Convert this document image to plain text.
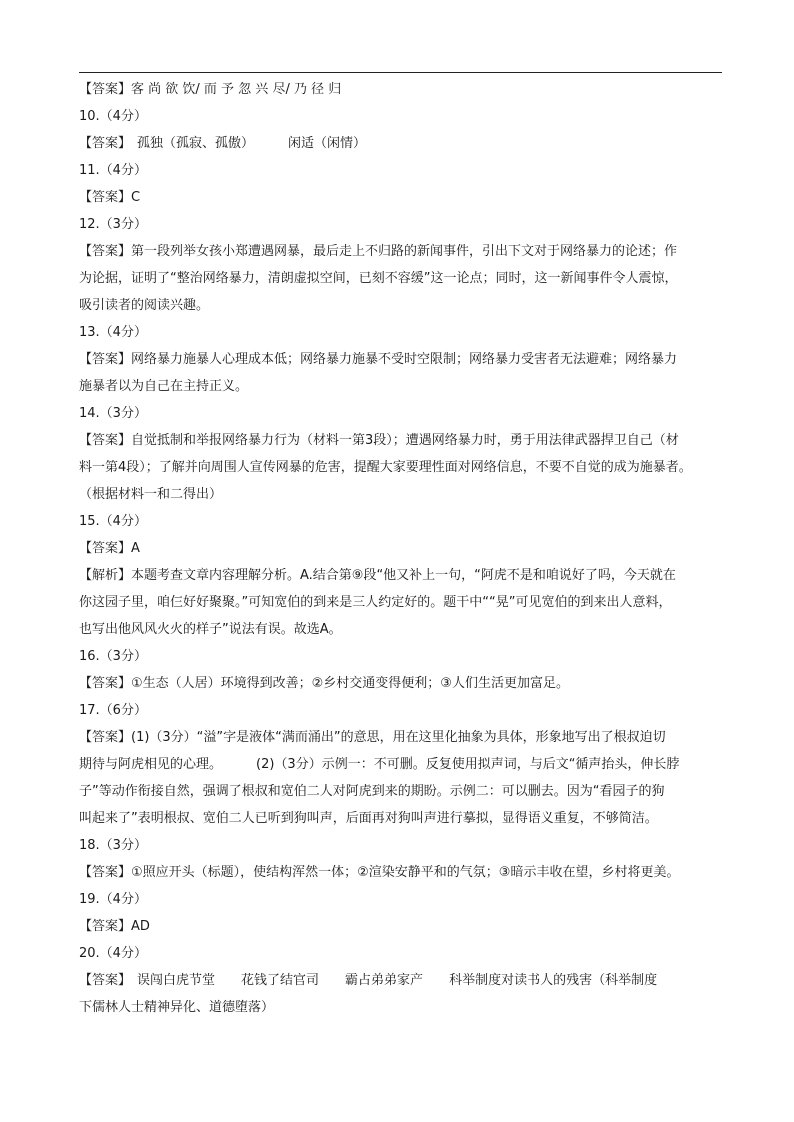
【答案】客 尚 欲 饮/ 而 予 忽 兴 尽/ 乃 径 归
10.（4分）
【答案】 孤独（孤寂、孤傲）	闲适（闲情）
11.（4分）
【答案】C
12.（3分）
【答案】第一段列举女孩小郑遭遇网暴，最后走上不归路的新闻事件，引出下文对于网络暴力的论述；作
为论据，证明了“整治网络暴力，清朗虚拟空间，已刻不容缓”这一论点；同时，这一新闻事件令人震惊，
吸引读者的阅读兴趣。
13.（4分）
【答案】网络暴力施暴人心理成本低；网络暴力施暴不受时空限制；网络暴力受害者无法避难；网络暴力
施暴者以为自己在主持正义。
14.（3分）
【答案】自觉抵制和举报网络暴力行为（材料一第3段）；遭遇网络暴力时，勇于用法律武器捍卫自己（材
料一第4段）；了解并向周围人宣传网暴的危害，提醒大家要理性面对网络信息，不要不自觉的成为施暴者。
（根据材料一和二得出）
15.（4分）
【答案】A
【解析】本题考查文章内容理解分析。A.结合第⑨段“他又补上一句，“阿虎不是和咱说好了吗，今天就在
你这园子里，咱仨好好聚聚。”可知宽伯的到来是三人约定好的。题干中““晃”可见宽伯的到来出人意料，
也写出他风风火火的样子”说法有误。故选A。
16.（3分）
【答案】①生态（人居）环境得到改善；②乡村交通变得便利；③人们生活更加富足。
17.（6分）
【答案】(1)（3分）“溢”字是液体“满而涌出”的意思，用在这里化抽象为具体，形象地写出了根叔迫切
期待与阿虎相见的心理。	(2)（3分）示例一：不可删。反复使用拟声词，与后文“循声抬头，伸长脖
子”等动作衔接自然，强调了根叔和宽伯二人对阿虎到来的期盼。示例二：可以删去。因为“看园子的狗
叫起来了”表明根叔、宽伯二人已听到狗叫声，后面再对狗叫声进行摹拟，显得语义重复，不够简洁。
18.（3分）
【答案】①照应开头（标题），使结构浑然一体；②渲染安静平和的气氛；③暗示丰收在望，乡村将更美。
19.（4分）
【答案】AD
20.（4分）
【答案】 误闯白虎节堂 花钱了结官司 霸占弟弟家产 科举制度对读书人的残害（科举制度
下儒林人士精神异化、道德堕落）
